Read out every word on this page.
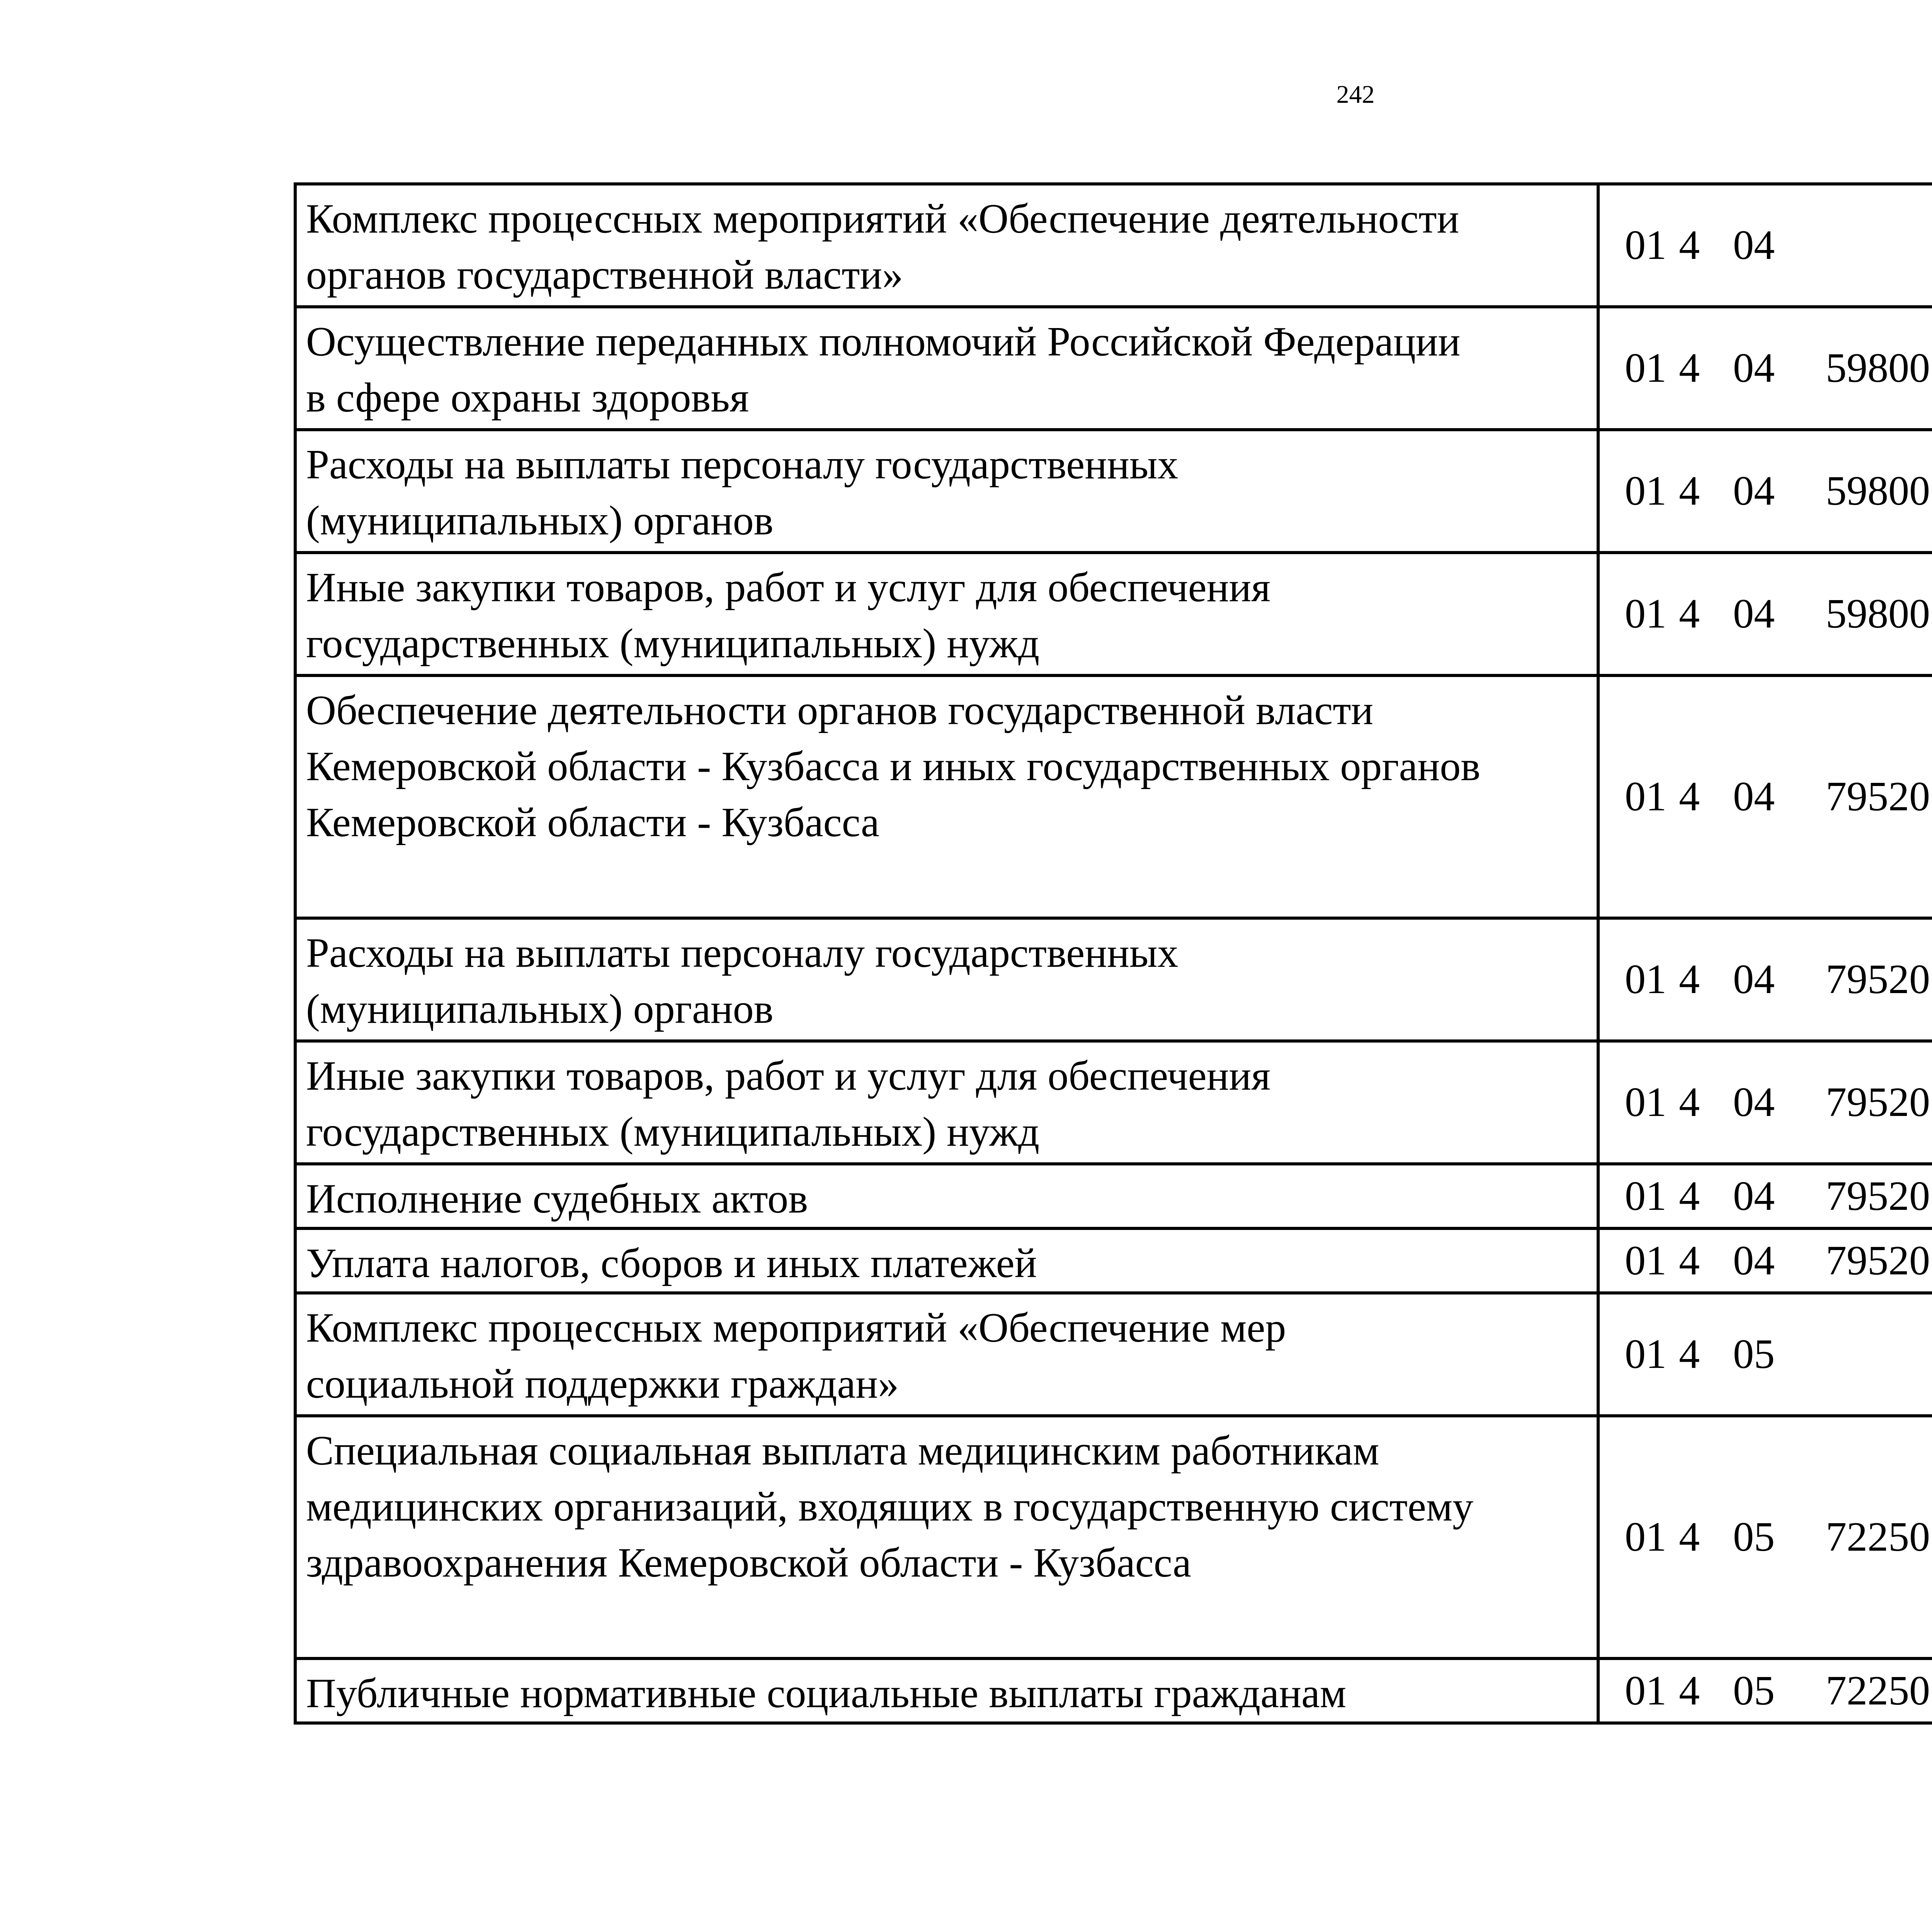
242
Комплекс процессных мероприятий «Обеспечение деятельности
органов государственной власти»	01 4 04		

Осуществление переданных полномочий Российской Федерации
в сфере охраны здоровья	01 4 04 59800		

Расходы на выплаты персоналу государственных
(муниципальных) органов	01 4 04 59800		

Иные закупки товаров, работ и услуг для обеспечения
государственных (муниципальных) нужд	01 4 04 59800		

Обеспечение деятельности органов государственной власти
Кемеровской области - Кузбасса и иных государственных органов
Кемеровской области - Кузбасса	01 4 04 79520		

Расходы на выплаты персоналу государственных
(муниципальных) органов	01 4 04 79520		

Иные закупки товаров, работ и услуг для обеспечения
государственных (муниципальных) нужд	01 4 04 79520		

Исполнение судебных актов	01 4 04 79520		

Уплата налогов, сборов и иных платежей	01 4 04 79520		

Комплекс процессных мероприятий «Обеспечение мер
социальной поддержки граждан»	01 4 05		

Специальная социальная выплата медицинским работникам
медицинских организаций, входящих в государственную систему
здравоохранения Кемеровской области - Кузбасса	01 4 05 72250		

Публичные нормативные социальные выплаты гражданам	01 4 05 72250		
